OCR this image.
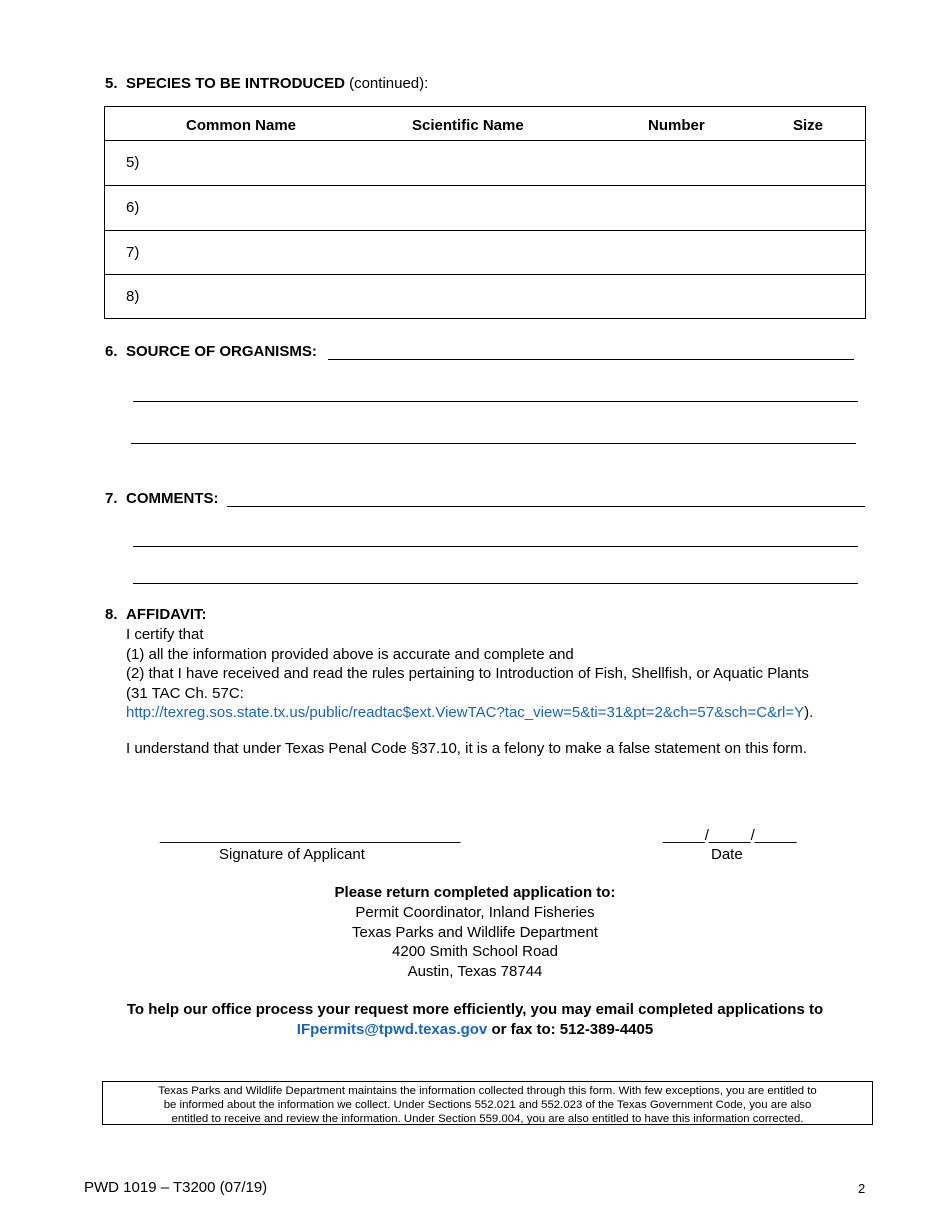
5. SPECIES TO BE INTRODUCED (continued):
Common Name	Scientific Name	Number	Size
5)
6)
7)
8)
6. SOURCE OF ORGANISMS:
7. COMMENTS:
8. AFFIDAVIT:
I certify that
(1) all the information provided above is accurate and complete and
(2) that I have received and read the rules pertaining to Introduction of Fish, Shellfish, or Aquatic Plants
(31 TAC Ch. 57C:
http://texreg.sos.state.tx.us/public/readtac$ext.ViewTAC?tac_view=5&ti=31&pt=2&ch=57&sch=C&rl=Y).
I understand that under Texas Penal Code §37.10, it is a felony to make a false statement on this form.
____________________________________
Signature of Applicant
_____/_____/_____
Date
Please return completed application to:
Permit Coordinator, Inland Fisheries
Texas Parks and Wildlife Department
4200 Smith School Road
Austin, Texas 78744
To help our office process your request more efficiently, you may email completed applications to
IFpermits@tpwd.texas.gov or fax to: 512-389-4405
Texas Parks and Wildlife Department maintains the information collected through this form. With few exceptions, you are entitled to
be informed about the information we collect. Under Sections 552.021 and 552.023 of the Texas Government Code, you are also
entitled to receive and review the information. Under Section 559.004, you are also entitled to have this information corrected.
PWD 1019 – T3200 (07/19)	2
